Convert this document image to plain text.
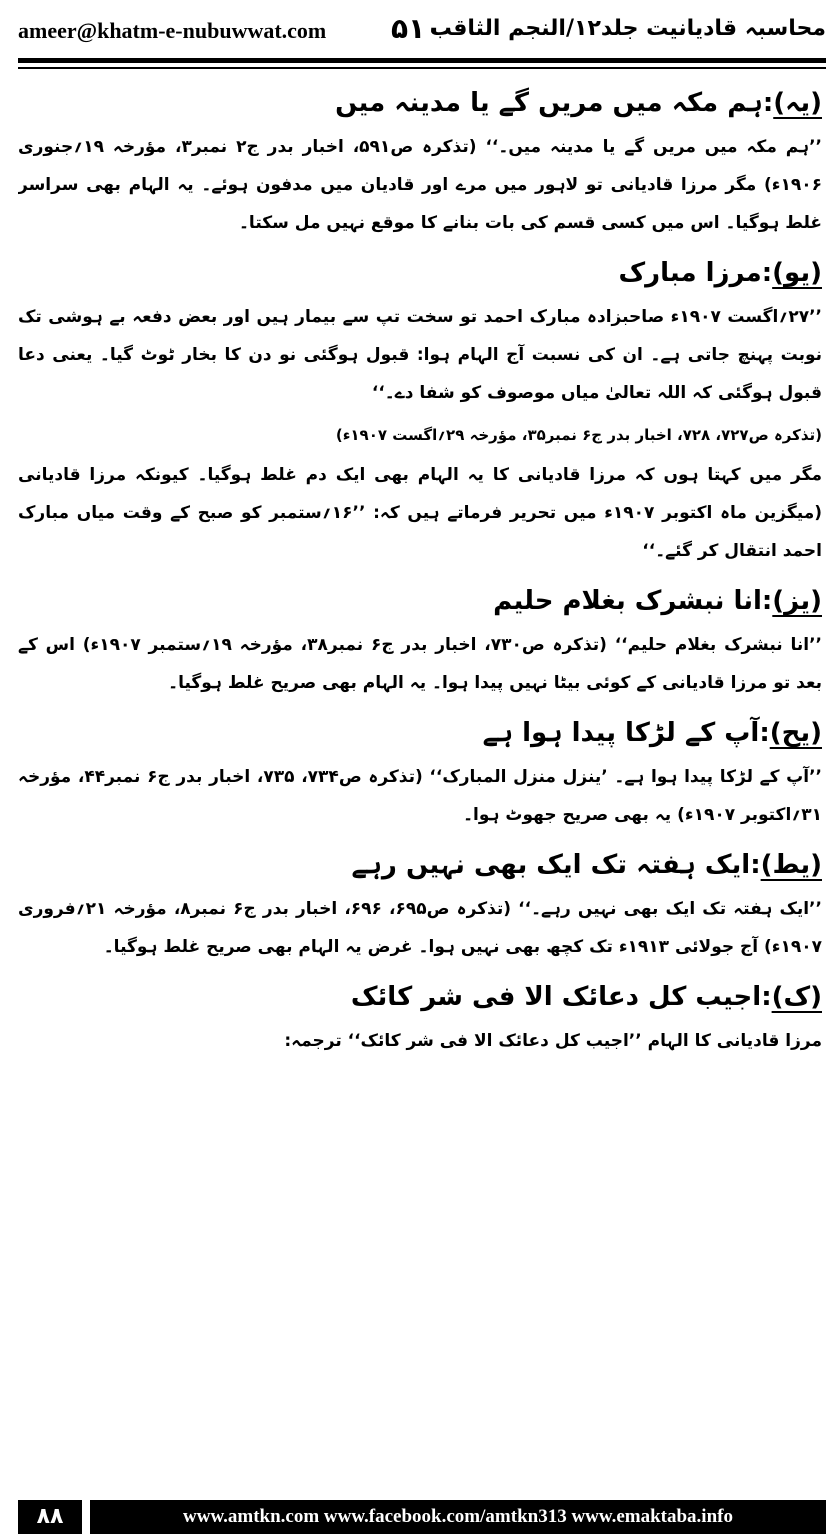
ameer@khatm-e-nubuwwat.com ۵۱۰
محاسبہ قادیانیت جلد۱۲/النجم الثاقب
(یہ):ہم مکہ میں مریں گے یا مدینہ میں

’’ہم مکہ میں مریں گے یا مدینہ میں۔‘‘ (تذکرہ ص۵۹۱، اخبار بدر ج۲ نمبر۳، مؤرخہ ۱۹؍جنوری ۱۹۰۶ء) مگر مرزا قادیانی تو لاہور میں مرے اور قادیان میں مدفون ہوئے۔ یہ الہام بھی سراسر غلط ہوگیا۔ اس میں کسی قسم کی بات بنانے کا موقع نہیں مل سکتا۔

(یو):مرزا مبارک

’’۲۷؍اگست ۱۹۰۷ء صاحبزادہ مبارک احمد تو سخت تپ سے بیمار ہیں اور بعض دفعہ بے ہوشی تک نوبت پہنچ جاتی ہے۔ ان کی نسبت آج الہام ہوا: قبول ہوگئی نو دن کا بخار ٹوٹ گیا۔ یعنی دعا قبول ہوگئی کہ اللہ تعالیٰ میاں موصوف کو شفا دے۔‘‘

(تذکرہ ص۷۲۷، ۷۲۸، اخبار بدر ج۶ نمبر۳۵، مؤرخہ ۲۹؍اگست ۱۹۰۷ء)

مگر میں کہتا ہوں کہ مرزا قادیانی کا یہ الہام بھی ایک دم غلط ہوگیا۔ کیونکہ مرزا قادیانی (میگزین ماہ اکتوبر ۱۹۰۷ء میں تحریر فرماتے ہیں کہ: ’’۱۶؍ستمبر کو صبح کے وقت میاں مبارک احمد انتقال کر گئے۔‘‘

(یز):انا نبشرک بغلام حلیم

’’انا نبشرک بغلام حلیم‘‘ (تذکرہ ص۷۳۰، اخبار بدر ج۶ نمبر۳۸، مؤرخہ ۱۹؍ستمبر ۱۹۰۷ء) اس کے بعد تو مرزا قادیانی کے کوئی بیٹا نہیں پیدا ہوا۔ یہ الہام بھی صریح غلط ہوگیا۔

(یح):آپ کے لڑکا پیدا ہوا ہے

’’آپ کے لڑکا پیدا ہوا ہے۔ ’ینزل منزل المبارک‘‘ (تذکرہ ص۷۳۴، ۷۳۵، اخبار بدر ج۶ نمبر۴۴، مؤرخہ ۳۱؍اکتوبر ۱۹۰۷ء) یہ بھی صریح جھوٹ ہوا۔

(یط):ایک ہفتہ تک ایک بھی نہیں رہے

’’ایک ہفتہ تک ایک بھی نہیں رہے۔‘‘ (تذکرہ ص۶۹۵، ۶۹۶، اخبار بدر ج۶ نمبر۸، مؤرخہ ۲۱؍فروری ۱۹۰۷ء) آج جولائی ۱۹۱۳ء تک کچھ بھی نہیں ہوا۔ غرض یہ الہام بھی صریح غلط ہوگیا۔

(ک):اجیب کل دعائک الا فی شر کائک

مرزا قادیانی کا الہام ’’اجیب کل دعائک الا فی شر کائک‘‘ ترجمہ:

۸۸	www.amtkn.com www.facebook.com/amtkn313 www.emaktaba.info
